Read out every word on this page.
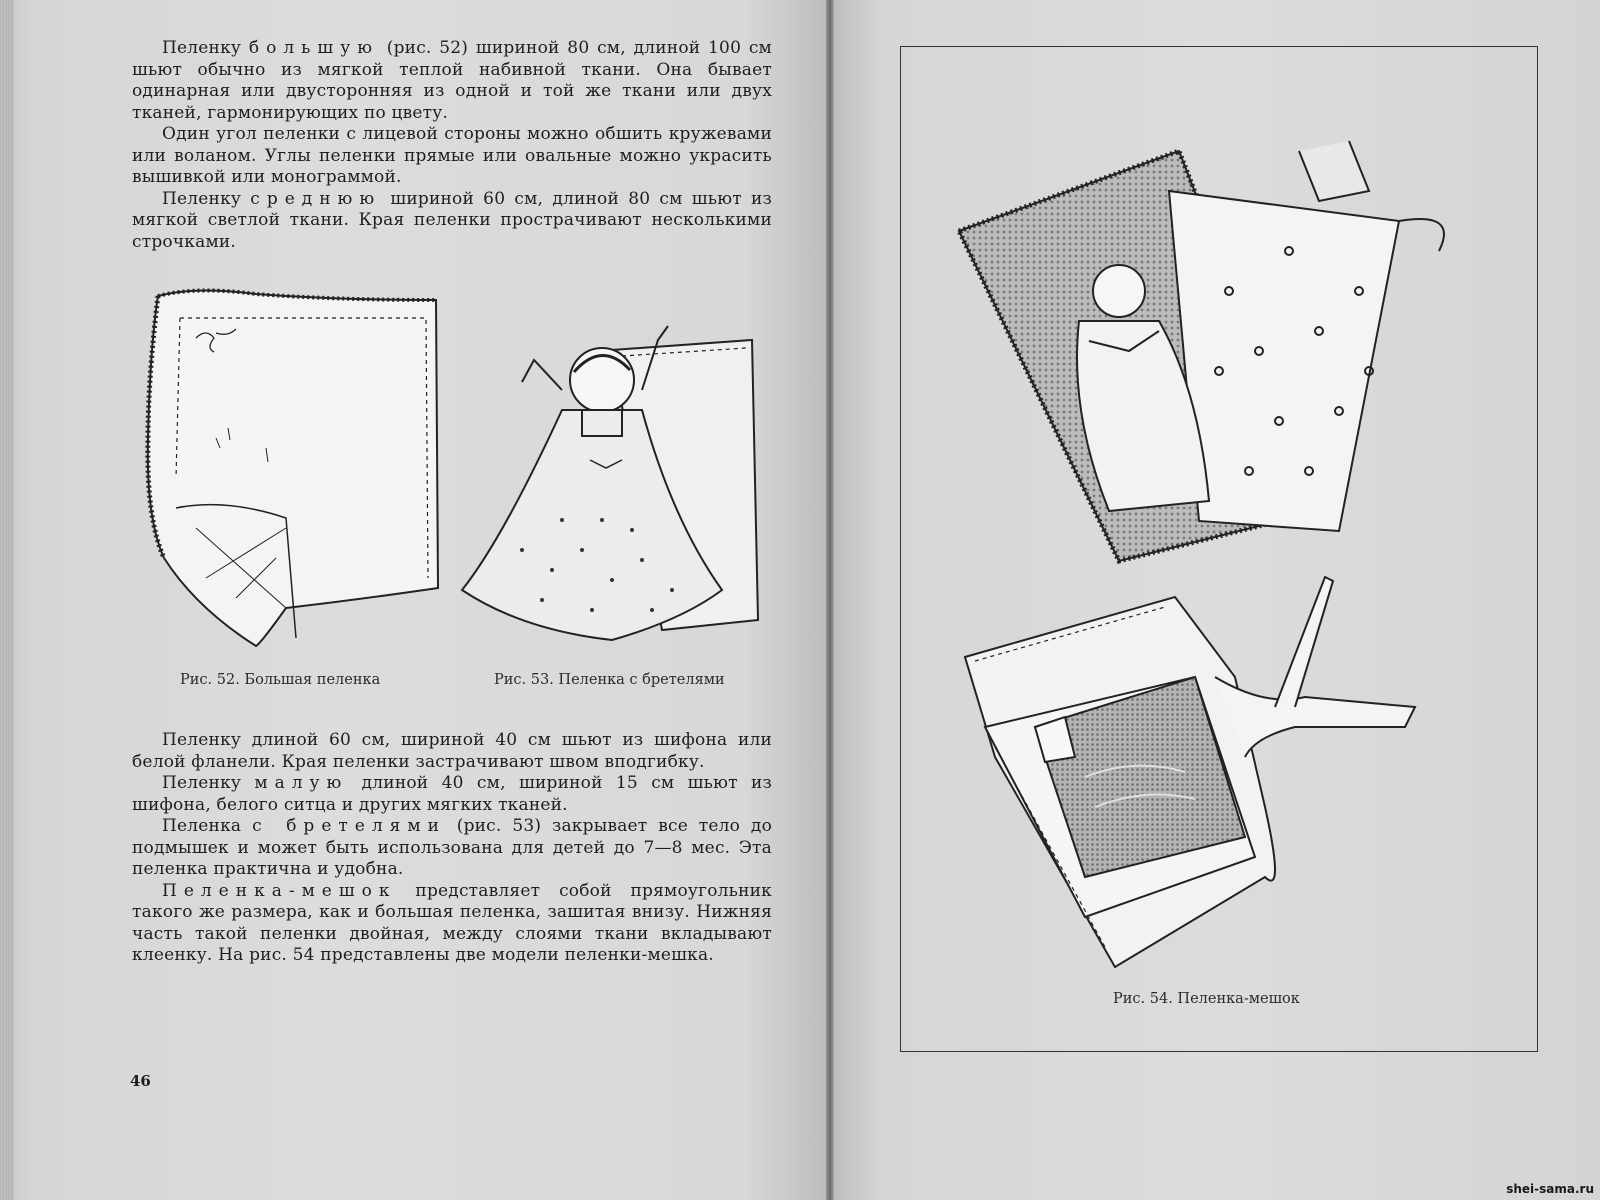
Пеленку большую (рис. 52) шириной 80 см, длиной 100 см шьют обычно из мягкой теплой набивной ткани. Она бывает одинарная или двусторонняя из одной и той же ткани или двух тканей, гармонирующих по цвету.

Один угол пеленки с лицевой стороны можно обшить кружевами или воланом. Углы пеленки прямые или овальные можно украсить вышивкой или монограммой.

Пеленку среднюю шириной 60 см, длиной 80 см шьют из мягкой светлой ткани. Края пеленки прострачивают несколькими строчками.

Рис. 52. Большая пеленка	Рис. 53. Пеленка с бретелями

Пеленку длиной 60 см, шириной 40 см шьют из шифона или белой фланели. Края пеленки застрачивают швом вподгибку.

Пеленку малую длиной 40 см, шириной 15 см шьют из шифона, белого ситца и других мягких тканей.

Пеленка с бретелями (рис. 53) закрывает все тело до подмышек и может быть использована для детей до 7—8 мес. Эта пеленка практична и удобна.

Пеленка-мешок представляет собой прямоугольник такого же размера, как и большая пеленка, зашитая внизу. Нижняя часть такой пеленки двойная, между слоями ткани вкладывают клеенку. На рис. 54 представлены две модели пеленки-мешка.

46
Рис. 54. Пеленка-мешок
shei-sama.ru
